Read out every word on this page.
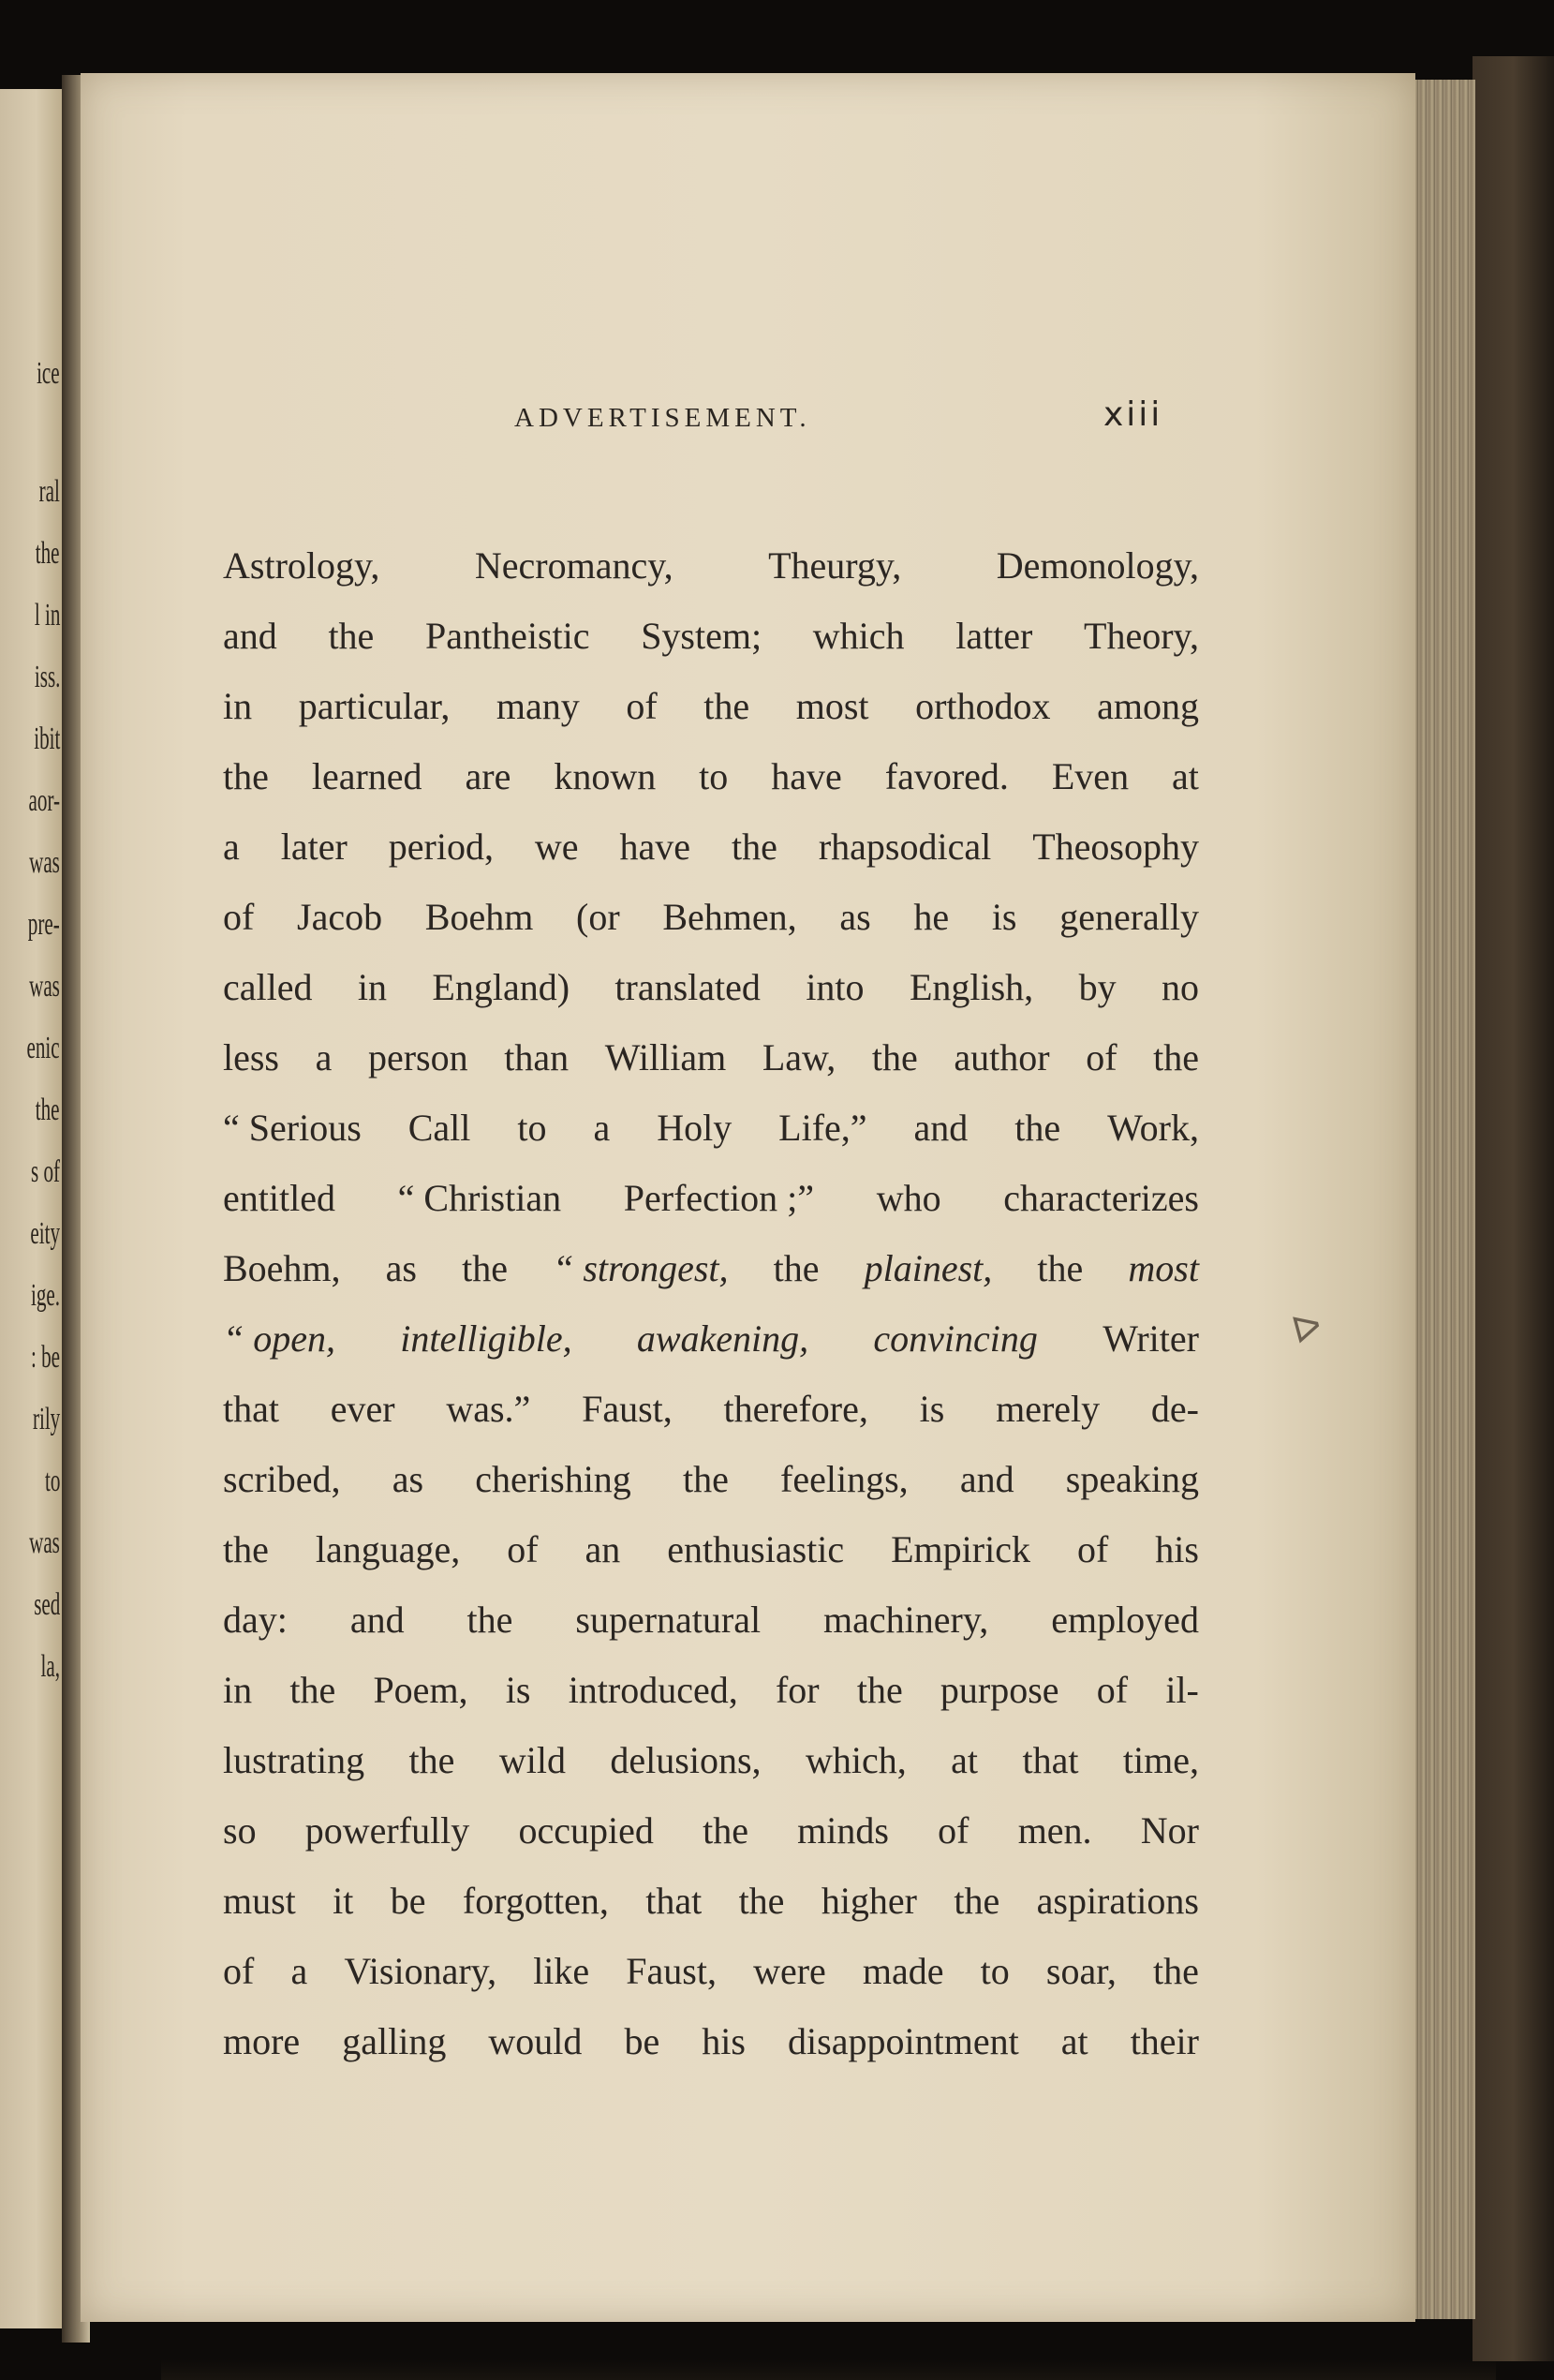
ice
ral
the
l in
iss.
ibit
aor-
was
pre-
was
enic
the
s of
eity
ige.
: be
rily
to
was
sed
la,
ADVERTISEMENT.	xiii
Astrology,	Necromancy,	Theurgy,	Demonology,
and the Pantheistic System; which latter Theory,
in particular, many of the most orthodox among
the learned are known to have favored. Even at
a later period, we have the rhapsodical Theosophy
of Jacob Boehm (or Behmen, as he is generally
called in England) translated into English, by no
less a person than William Law, the author of the
“ Serious Call to a Holy Life,” and the Work,
entitled “ Christian Perfection ;” who characterizes
Boehm, as the “ strongest, the plainest, the most
“ open, intelligible, awakening, convincing Writer
that ever was.” Faust, therefore, is merely de-
scribed, as cherishing the feelings, and speaking
the language, of an enthusiastic Empirick of his
day: and the supernatural machinery, employed
in the Poem, is introduced, for the purpose of il-
lustrating the wild delusions, which, at that time,
so powerfully occupied the minds of men. Nor
must it be forgotten, that the higher the aspirations
of a Visionary, like Faust, were made to soar, the
more galling would be his disappointment at their
ᐅ
